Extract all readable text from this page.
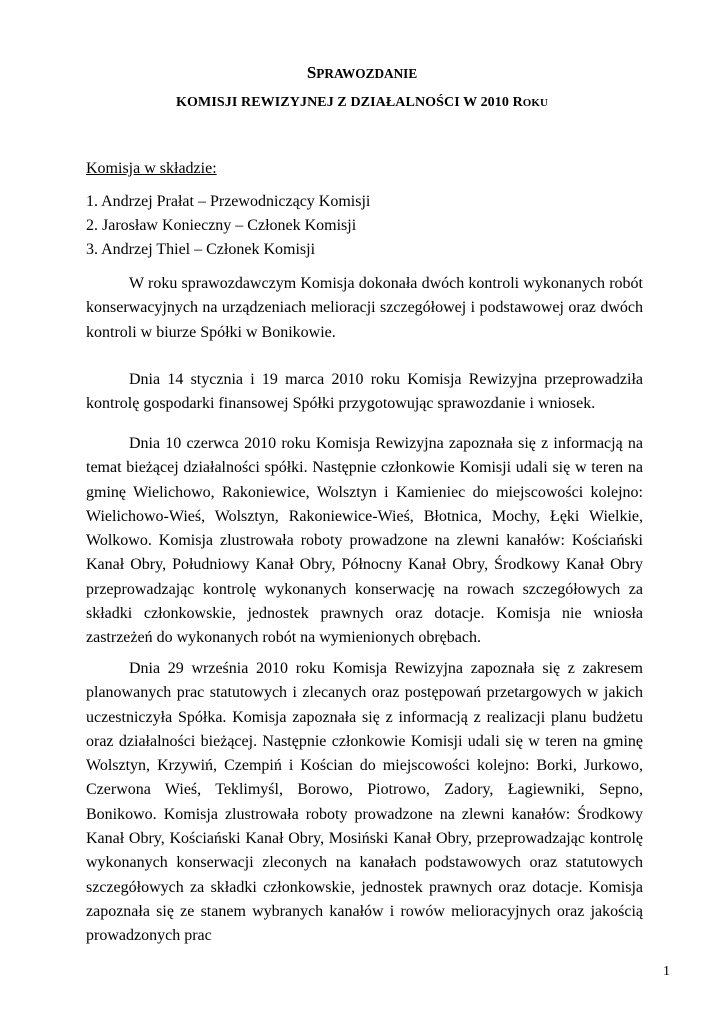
SPRAWOZDANIE
KOMISJI REWIZYJNEJ Z DZIAŁALNOŚCI W 2010 ROKU

Komisja w składzie:

1. Andrzej Prałat – Przewodniczący Komisji
2. Jarosław Konieczny – Członek Komisji
3. Andrzej Thiel – Członek Komisji

W roku sprawozdawczym Komisja dokonała dwóch kontroli wykonanych robót konserwacyjnych na urządzeniach melioracji szczegółowej i podstawowej oraz dwóch kontroli w biurze Spółki w Bonikowie.

Dnia 14 stycznia i 19 marca 2010 roku Komisja Rewizyjna przeprowadziła kontrolę gospodarki finansowej Spółki przygotowując sprawozdanie i wniosek.

Dnia 10 czerwca 2010 roku Komisja Rewizyjna zapoznała się z informacją na temat bieżącej działalności spółki. Następnie członkowie Komisji udali się w teren na gminę Wielichowo, Rakoniewice, Wolsztyn i Kamieniec do miejscowości kolejno: Wielichowo-Wieś, Wolsztyn, Rakoniewice-Wieś, Błotnica, Mochy, Łęki Wielkie, Wolkowo. Komisja zlustrowała roboty prowadzone na zlewni kanałów: Kościański Kanał Obry, Południowy Kanał Obry, Północny Kanał Obry, Środkowy Kanał Obry przeprowadzając kontrolę wykonanych konserwację na rowach szczegółowych za składki członkowskie, jednostek prawnych oraz dotacje. Komisja nie wniosła zastrzeżeń do wykonanych robót na wymienionych obrębach.

Dnia 29 września 2010 roku Komisja Rewizyjna zapoznała się z zakresem planowanych prac statutowych i zlecanych oraz postępowań przetargowych w jakich uczestniczyła Spółka. Komisja zapoznała się z informacją z realizacji planu budżetu oraz działalności bieżącej. Następnie członkowie Komisji udali się w teren na gminę Wolsztyn, Krzywiń, Czempiń i Kościan do miejscowości kolejno: Borki, Jurkowo, Czerwona Wieś, Teklimyśl, Borowo, Piotrowo, Zadory, Łagiewniki, Sepno, Bonikowo. Komisja zlustrowała roboty prowadzone na zlewni kanałów: Środkowy Kanał Obry, Kościański Kanał Obry, Mosiński Kanał Obry, przeprowadzając kontrolę wykonanych konserwacji zleconych na kanałach podstawowych oraz statutowych szczegółowych za składki członkowskie, jednostek prawnych oraz dotacje. Komisja zapoznała się ze stanem wybranych kanałów i rowów melioracyjnych oraz jakością prowadzonych prac

1
